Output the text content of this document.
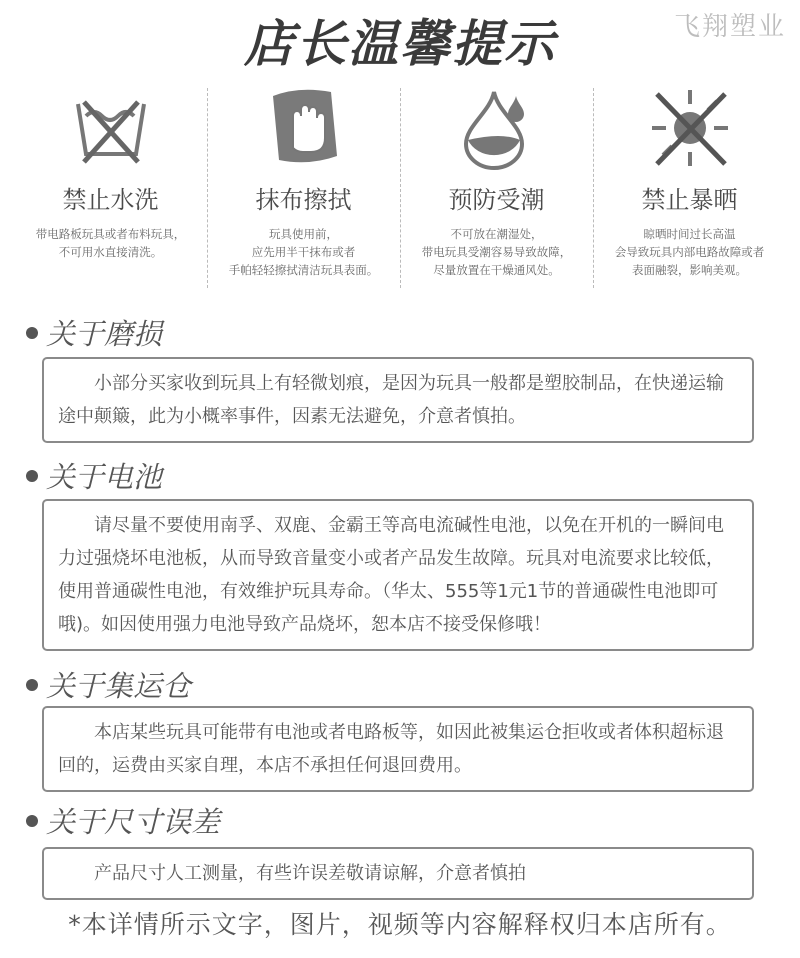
飞翔塑业
店长温馨提示
禁止水洗
带电路板玩具或者布料玩具，
不可用水直接清洗。
抹布擦拭
玩具使用前，
应先用半干抹布或者
手帕轻轻擦拭清洁玩具表面。
预防受潮
不可放在潮湿处，
带电玩具受潮容易导致故障，
尽量放置在干燥通风处。
禁止暴晒
晾晒时间过长高温
会导致玩具内部电路故障或者
表面融裂，影响美观。
关于磨损
小部分买家收到玩具上有轻微划痕，是因为玩具一般都是塑胶制品，在快递运输途中颠簸，此为小概率事件，因素无法避免，介意者慎拍。
关于电池
请尽量不要使用南孚、双鹿、金霸王等高电流碱性电池，以免在开机的一瞬间电力过强烧坏电池板，从而导致音量变小或者产品发生故障。玩具对电流要求比较低，使用普通碳性电池，有效维护玩具寿命。（华太、555等1元1节的普通碳性电池即可哦)。如因使用强力电池导致产品烧坏，恕本店不接受保修哦！
关于集运仓
本店某些玩具可能带有电池或者电路板等，如因此被集运仓拒收或者体积超标退回的，运费由买家自理，本店不承担任何退回费用。
关于尺寸误差
产品尺寸人工测量，有些许误差敬请谅解，介意者慎拍
*本详情所示文字，图片，视频等内容解释权归本店所有。
